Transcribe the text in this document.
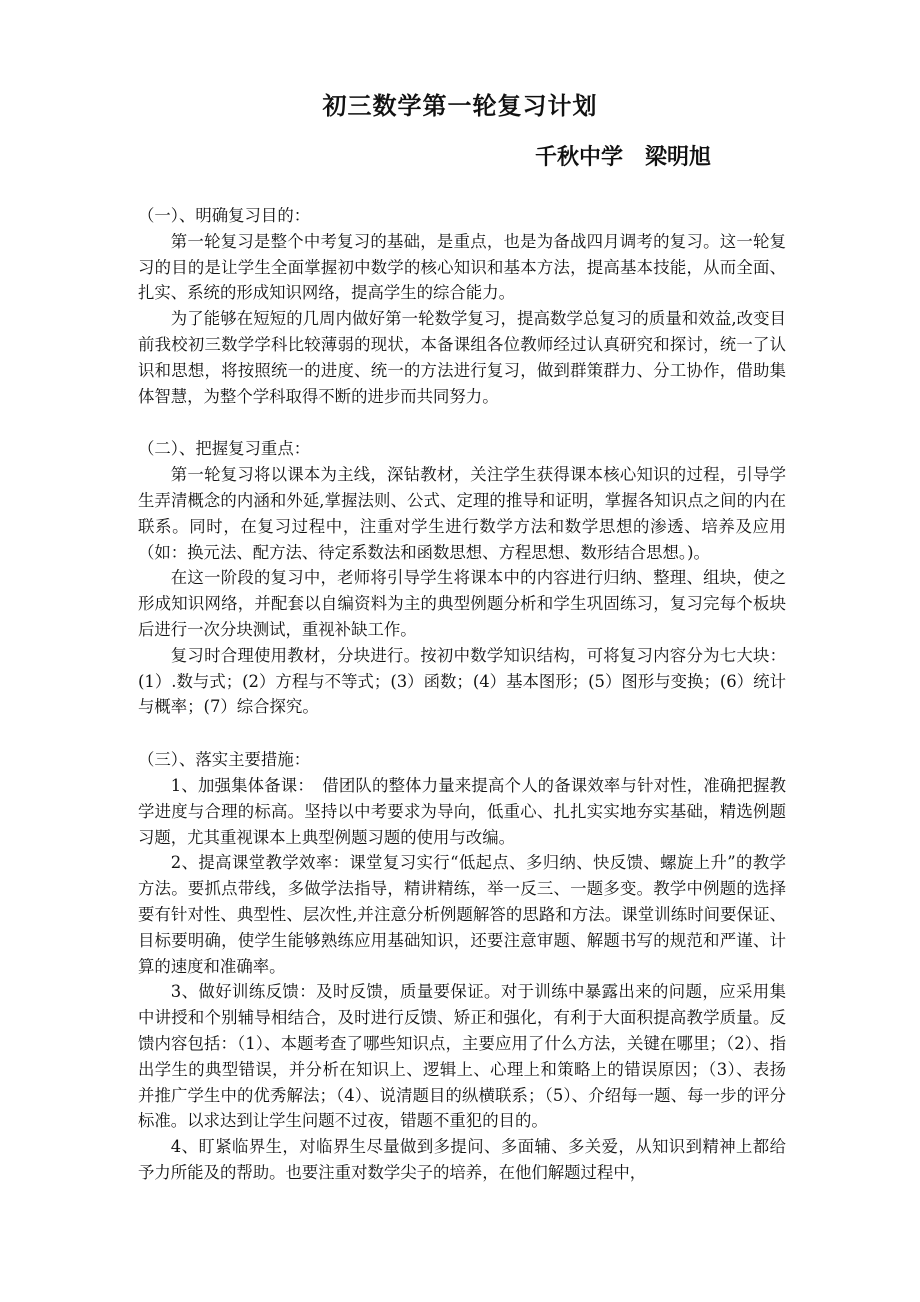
初三数学第一轮复习计划
千秋中学　梁明旭

（一）、明确复习目的：

第一轮复习是整个中考复习的基础，是重点，也是为备战四月调考的复习。这一轮复习的目的是让学生全面掌握初中数学的核心知识和基本方法，提高基本技能，从而全面、扎实、系统的形成知识网络，提高学生的综合能力。

为了能够在短短的几周内做好第一轮数学复习，提高数学总复习的质量和效益,改变目前我校初三数学学科比较薄弱的现状，本备课组各位教师经过认真研究和探讨，统一了认识和思想，将按照统一的进度、统一的方法进行复习，做到群策群力、分工协作，借助集体智慧，为整个学科取得不断的进步而共同努力。

（二）、把握复习重点：

第一轮复习将以课本为主线，深钻教材，关注学生获得课本核心知识的过程，引导学生弄清概念的内涵和外延,掌握法则、公式、定理的推导和证明，掌握各知识点之间的内在联系。同时，在复习过程中，注重对学生进行数学方法和数学思想的渗透、培养及应用（如：换元法、配方法、待定系数法和函数思想、方程思想、数形结合思想。)。

在这一阶段的复习中，老师将引导学生将课本中的内容进行归纳、整理、组块，使之形成知识网络，并配套以自编资料为主的典型例题分析和学生巩固练习，复习完每个板块后进行一次分块测试，重视补缺工作。

复习时合理使用教材，分块进行。按初中数学知识结构，可将复习内容分为七大块：(1）.数与式；(2）方程与不等式；(3）函数；(4）基本图形；(5）图形与变换；(6）统计与概率；(7）综合探究。

（三）、落实主要措施：

1、加强集体备课：　借团队的整体力量来提高个人的备课效率与针对性，准确把握教学进度与合理的标高。坚持以中考要求为导向，低重心、扎扎实实地夯实基础，精选例题习题，尤其重视课本上典型例题习题的使用与改编。

2、提高课堂教学效率：课堂复习实行“低起点、多归纳、快反馈、螺旋上升”的教学方法。要抓点带线，多做学法指导，精讲精练，举一反三、一题多变。教学中例题的选择要有针对性、典型性、层次性,并注意分析例题解答的思路和方法。课堂训练时间要保证、目标要明确，使学生能够熟练应用基础知识，还要注意审题、解题书写的规范和严谨、计算的速度和准确率。

3、做好训练反馈：及时反馈，质量要保证。对于训练中暴露出来的问题，应采用集中讲授和个别辅导相结合，及时进行反馈、矫正和强化，有利于大面积提高教学质量。反馈内容包括：（1）、本题考查了哪些知识点，主要应用了什么方法，关键在哪里；（2）、指出学生的典型错误，并分析在知识上、逻辑上、心理上和策略上的错误原因；（3）、表扬并推广学生中的优秀解法；（4）、说清题目的纵横联系；（5）、介绍每一题、每一步的评分标准。以求达到让学生问题不过夜，错题不重犯的目的。

4、盯紧临界生，对临界生尽量做到多提问、多面辅、多关爱，从知识到精神上都给予力所能及的帮助。也要注重对数学尖子的培养，在他们解题过程中，
